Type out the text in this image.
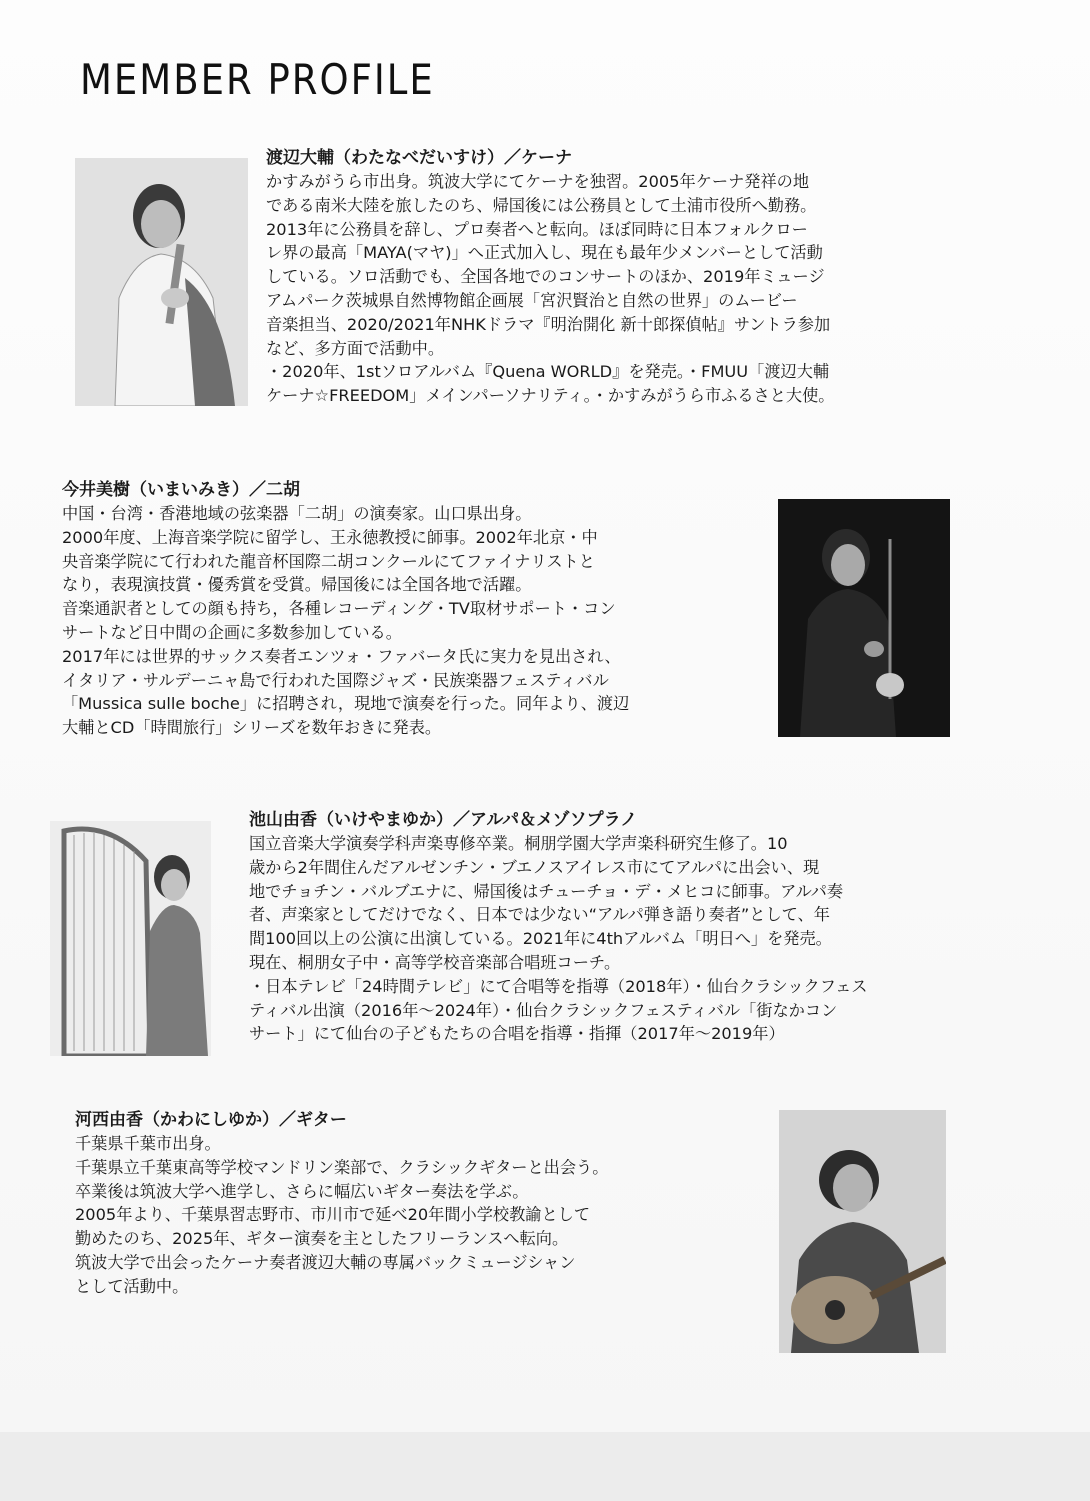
MEMBER PROFILE
渡辺大輔（わたなべだいすけ）／ケーナ

かすみがうら市出身。筑波大学にてケーナを独習。2005年ケーナ発祥の地

である南米大陸を旅したのち、帰国後には公務員として土浦市役所へ勤務。

2013年に公務員を辞し、プロ奏者へと転向。ほぼ同時に日本フォルクロー

レ界の最高「MAYA(マヤ)」へ正式加入し、現在も最年少メンバーとして活動

している。ソロ活動でも、全国各地でのコンサートのほか、2019年ミュージ

アムパーク茨城県自然博物館企画展「宮沢賢治と自然の世界」のムービー

音楽担当、2020/2021年NHKドラマ『明治開化 新十郎探偵帖』サントラ参加

など、多方面で活動中。

・2020年、1stソロアルバム『Quena WORLD』を発売。・FMUU「渡辺大輔

ケーナ☆FREEDOM」メインパーソナリティ。・かすみがうら市ふるさと大使。

今井美樹（いまいみき）／二胡

中国・台湾・香港地域の弦楽器「二胡」の演奏家。山口県出身。

2000年度、上海音楽学院に留学し、王永徳教授に師事。2002年北京・中

央音楽学院にて行われた龍音杯国際二胡コンクールにてファイナリストと

なり，表現演技賞・優秀賞を受賞。帰国後には全国各地で活躍。

音楽通訳者としての顔も持ち，各種レコーディング・TV取材サポート・コン

サートなど日中間の企画に多数参加している。

2017年には世界的サックス奏者エンツォ・ファバータ氏に実力を見出され、

イタリア・サルデーニャ島で行われた国際ジャズ・民族楽器フェスティバル

「Mussica sulle boche」に招聘され，現地で演奏を行った。同年より、渡辺

大輔とCD「時間旅行」シリーズを数年おきに発表。

池山由香（いけやまゆか）／アルパ＆メゾソプラノ

国立音楽大学演奏学科声楽専修卒業。桐朋学園大学声楽科研究生修了。10

歳から2年間住んだアルゼンチン・ブエノスアイレス市にてアルパに出会い、現

地でチョチン・バルブエナに、帰国後はチューチョ・デ・メヒコに師事。アルパ奏

者、声楽家としてだけでなく、日本では少ない“アルパ弾き語り奏者”として、年

間100回以上の公演に出演している。2021年に4thアルバム「明日へ」を発売。

現在、桐朋女子中・高等学校音楽部合唱班コーチ。

・日本テレビ「24時間テレビ」にて合唱等を指導（2018年）・仙台クラシックフェス

ティバル出演（2016年～2024年）・仙台クラシックフェスティバル「街なかコン

サート」にて仙台の子どもたちの合唱を指導・指揮（2017年～2019年）

河西由香（かわにしゆか）／ギター

千葉県千葉市出身。

千葉県立千葉東高等学校マンドリン楽部で、クラシックギターと出会う。

卒業後は筑波大学へ進学し、さらに幅広いギター奏法を学ぶ。

2005年より、千葉県習志野市、市川市で延べ20年間小学校教諭として

勤めたのち、2025年、ギター演奏を主としたフリーランスへ転向。

筑波大学で出会ったケーナ奏者渡辺大輔の専属バックミュージシャン

として活動中。
